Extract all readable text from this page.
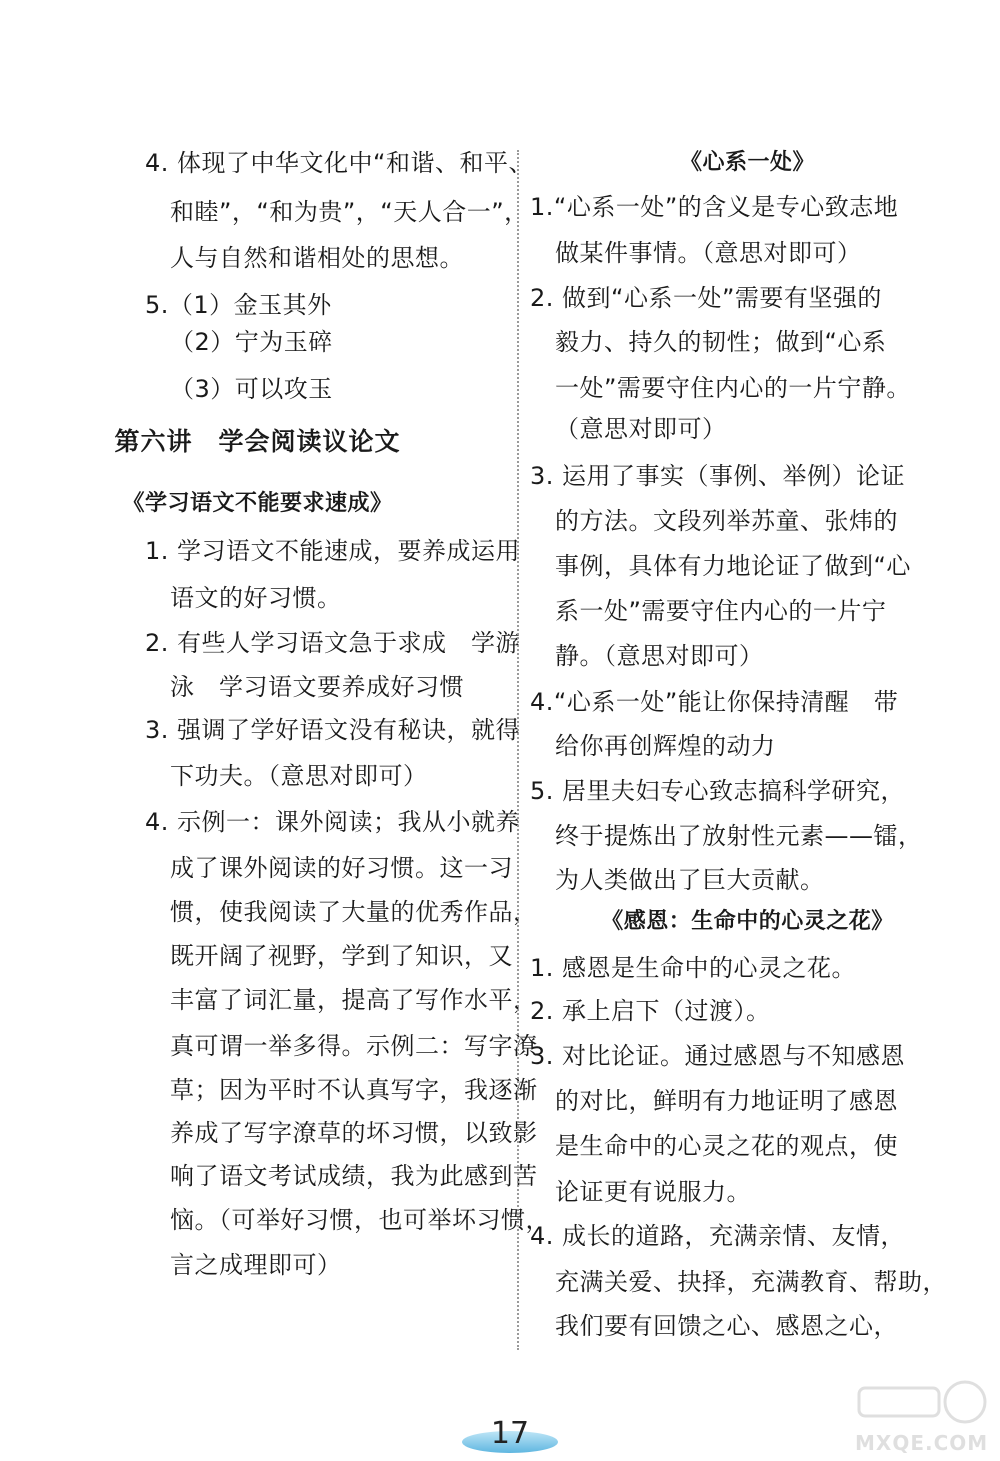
4. 体现了中华文化中“和谐、和平、
和睦”，“和为贵”，“天人合一”，
人与自然和谐相处的思想。
5.（1）金玉其外
（2）宁为玉碎
（3）可以攻玉
第六讲　学会阅读议论文
《学习语文不能要求速成》
1. 学习语文不能速成，要养成运用
语文的好习惯。
2. 有些人学习语文急于求成　学游
泳　学习语文要养成好习惯
3. 强调了学好语文没有秘诀，就得
下功夫。（意思对即可）
4. 示例一：课外阅读；我从小就养
成了课外阅读的好习惯。这一习
惯，使我阅读了大量的优秀作品，
既开阔了视野，学到了知识，又
丰富了词汇量，提高了写作水平，
真可谓一举多得。示例二：写字潦
草；因为平时不认真写字，我逐渐
养成了写字潦草的坏习惯，以致影
响了语文考试成绩，我为此感到苦
恼。（可举好习惯，也可举坏习惯，
言之成理即可）
《心系一处》
1.“心系一处”的含义是专心致志地
做某件事情。（意思对即可）
2. 做到“心系一处”需要有坚强的
毅力、持久的韧性；做到“心系
一处”需要守住内心的一片宁静。
（意思对即可）
3. 运用了事实（事例、举例）论证
的方法。文段列举苏童、张炜的
事例，具体有力地论证了做到“心
系一处”需要守住内心的一片宁
静。（意思对即可）
4.“心系一处”能让你保持清醒　带
给你再创辉煌的动力
5. 居里夫妇专心致志搞科学研究，
终于提炼出了放射性元素——镭，
为人类做出了巨大贡献。
《感恩：生命中的心灵之花》
1. 感恩是生命中的心灵之花。
2. 承上启下（过渡）。
3. 对比论证。通过感恩与不知感恩
的对比，鲜明有力地证明了感恩
是生命中的心灵之花的观点，使
论证更有说服力。
4. 成长的道路，充满亲情、友情，
充满关爱、抉择，充满教育、帮助，
我们要有回馈之心、感恩之心，
17	MXQE.COM
